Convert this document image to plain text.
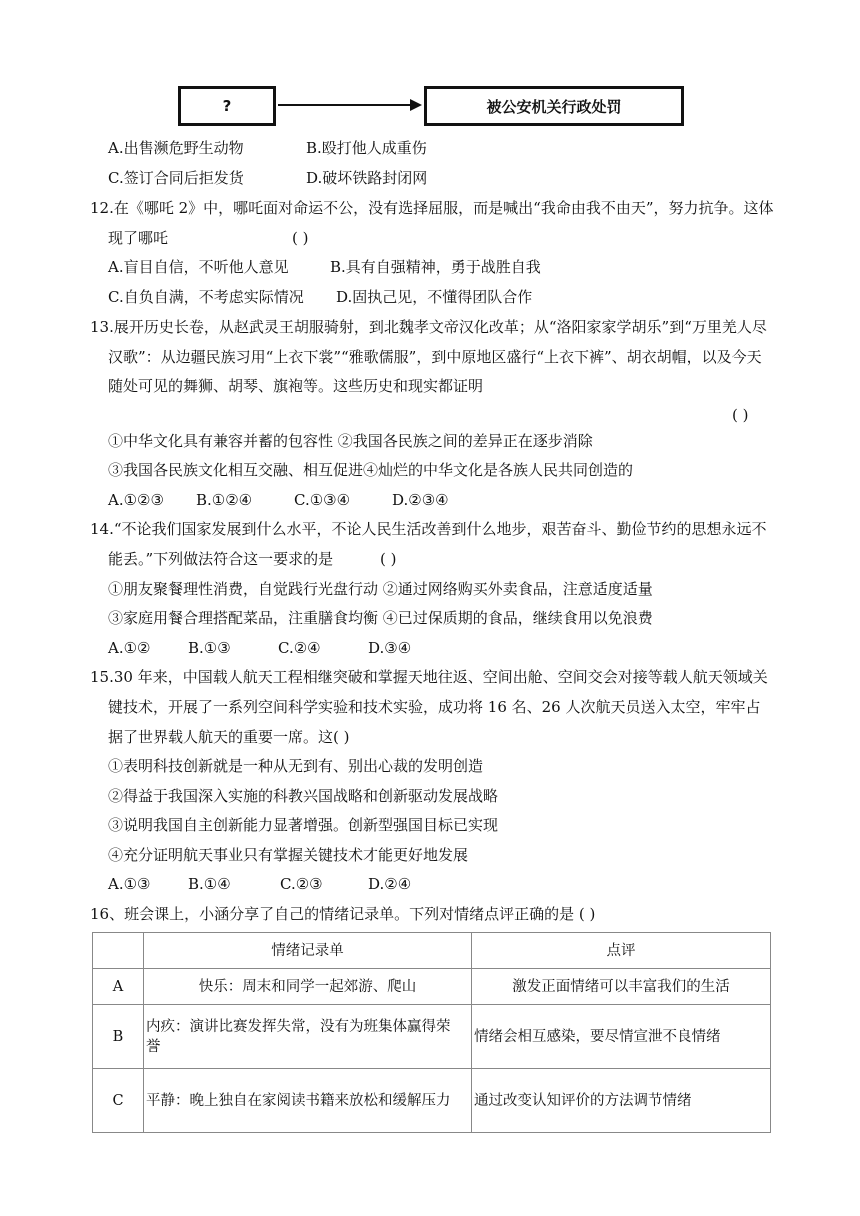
?	被公安机关行政处罚
A.出售濒危野生动物	B.殴打他人成重伤
C.签订合同后拒发货	D.破坏铁路封闭网
12.在《哪吒 2》中，哪吒面对命运不公，没有选择屈服，而是喊出“我命由我不由天”，努力抗争。这体
现了哪吒	( )
A.盲目自信，不听他人意见	B.具有自强精神，勇于战胜自我
C.自负自满，不考虑实际情况 D.固执己见，不懂得团队合作
13.展开历史长卷，从赵武灵王胡服骑射，到北魏孝文帝汉化改革；从“洛阳家家学胡乐”到“万里羌人尽
汉歌”：从边疆民族习用“上衣下裳”“雅歌儒服”，到中原地区盛行“上衣下裤”、胡衣胡帽，以及今天
随处可见的舞狮、胡琴、旗袍等。这些历史和现实都证明
( )
①中华文化具有兼容并蓄的包容性 ②我国各民族之间的差异正在逐步消除
③我国各民族文化相互交融、相互促进④灿烂的中华文化是各族人民共同创造的
A.①②③ B.①②④	C.①③④	D.②③④
14.“不论我们国家发展到什么水平，不论人民生活改善到什么地步，艰苦奋斗、勤俭节约的思想永远不
能丢。”下列做法符合这一要求的是	( )
①朋友聚餐理性消费，自觉践行光盘行动 ②通过网络购买外卖食品，注意适度适量
③家庭用餐合理搭配菜品，注重膳食均衡 ④已过保质期的食品，继续食用以免浪费
A.①②	B.①③	C.②④	D.③④
15.30 年来，中国载人航天工程相继突破和掌握天地往返、空间出舱、空间交会对接等载人航天领域关
键技术，开展了一系列空间科学实验和技术实验，成功将 16 名、26 人次航天员送入太空，牢牢占
据了世界载人航天的重要一席。这( )
①表明科技创新就是一种从无到有、别出心裁的发明创造
②得益于我国深入实施的科教兴国战略和创新驱动发展战略
③说明我国自主创新能力显著增强。创新型强国目标已实现
④充分证明航天事业只有掌握关键技术才能更好地发展
A.①③	B.①④	C.②③	D.②④
16、班会课上，小涵分享了自己的情绪记录单。下列对情绪点评正确的是 ( )
	情绪记录单	点评
A	快乐：周末和同学一起郊游、爬山	激发正面情绪可以丰富我们的生活
B	内疚：演讲比赛发挥失常，没有为班集体赢得荣
誉	情绪会相互感染，要尽情宣泄不良情绪
C	平静：晚上独自在家阅读书籍来放松和缓解压力	通过改变认知评价的方法调节情绪
